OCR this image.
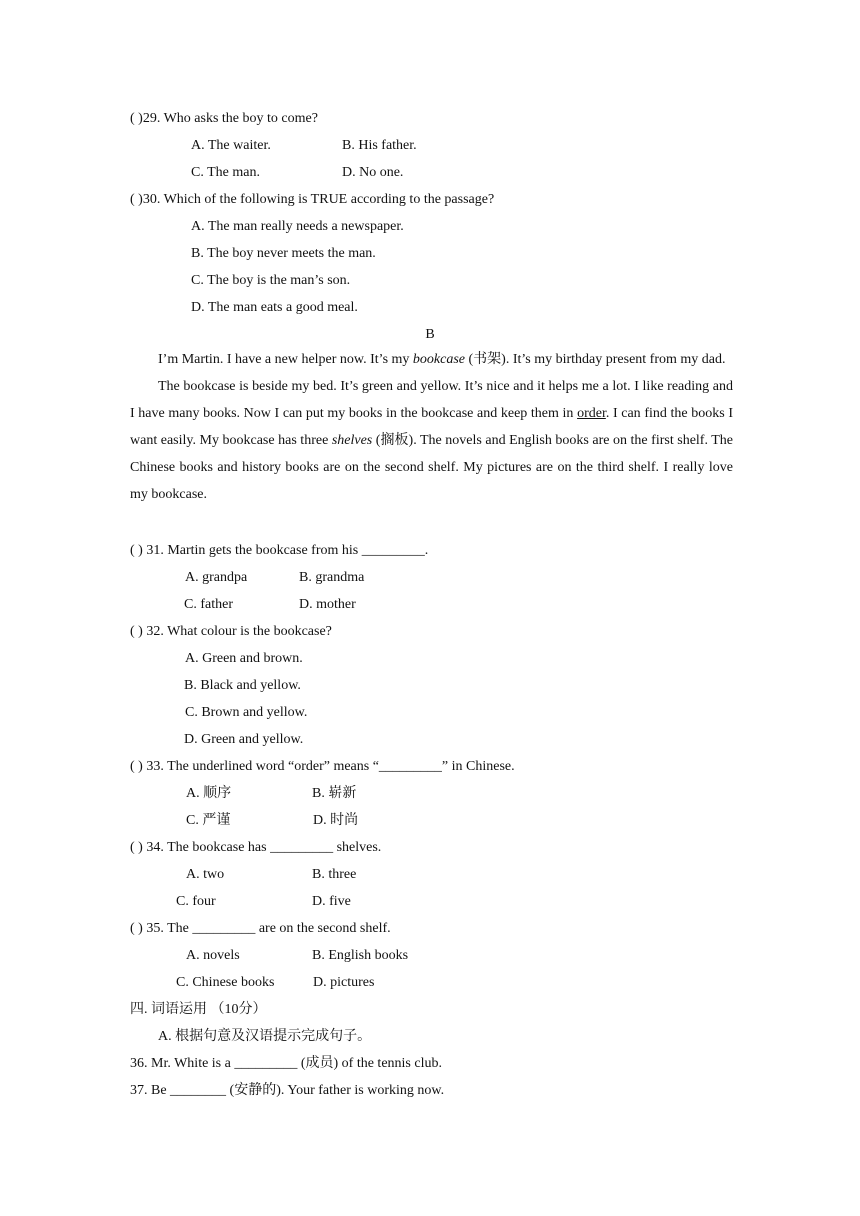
( )29. Who asks the boy to come?
A. The waiter.	B. His father.
C. The man.	D. No one.
( )30. Which of the following is TRUE according to the passage?
A. The man really needs a newspaper.
B. The boy never meets the man.
C. The boy is the man’s son.
D. The man eats a good meal.
B

I’m Martin. I have a new helper now. It’s my bookcase (书架). It’s my birthday present from my dad.

The bookcase is beside my bed. It’s green and yellow. It’s nice and it helps me a lot. I like reading and I have many books. Now I can put my books in the bookcase and keep them in order. I can find the books I want easily. My bookcase has three shelves (搁板). The novels and English books are on the first shelf. The Chinese books and history books are on the second shelf. My pictures are on the third shelf. I really love my bookcase.

( ) 31. Martin gets the bookcase from his _________.
A. grandpa	B. grandma
C. father	D. mother
( ) 32. What colour is the bookcase?
A. Green and brown.
B. Black and yellow.
C. Brown and yellow.
D. Green and yellow.
( ) 33. The underlined word “order” means “_________” in Chinese.
A. 顺序	B. 崭新
C. 严谨	D. 时尚
( ) 34. The bookcase has _________ shelves.
A. two	B. three
C. four	D. five
( ) 35. The _________ are on the second shelf.
A. novels	B. English books
C. Chinese books	D. pictures
四. 词语运用 （10分）
A. 根据句意及汉语提示完成句子。
36. Mr. White is a _________ (成员) of the tennis club.
37. Be ________ (安静的). Your father is working now.
